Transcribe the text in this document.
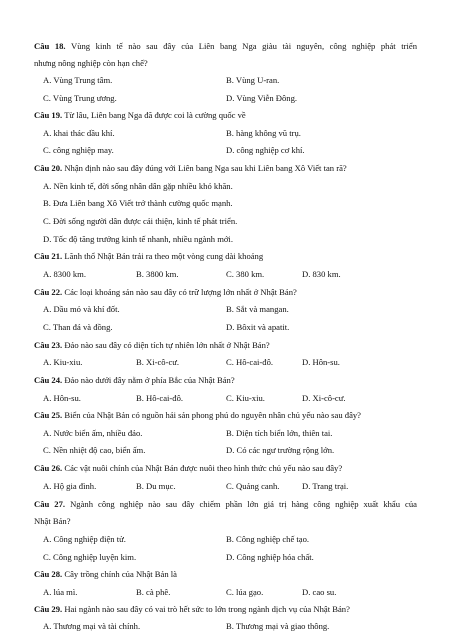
Câu 18. Vùng kinh tế nào sau đây của Liên bang Nga giàu tài nguyên, công nghiệp phát triển
nhưng nông nghiệp còn hạn chế?
A. Vùng Trung tâm.	B. Vùng U-ran.
C. Vùng Trung ương.	D. Vùng Viễn Đông.
Câu 19. Từ lâu, Liên bang Nga đã được coi là cường quốc về
A. khai thác dầu khí.	B. hàng không vũ trụ.
C. công nghiệp may.	D. công nghiệp cơ khí.
Câu 20. Nhận định nào sau đây đúng với Liên bang Nga sau khi Liên bang Xô Viết tan rã?
A. Nền kinh tế, đời sống nhân dân gặp nhiều khó khăn.
B. Đưa Liên bang Xô Viết trở thành cường quốc mạnh.
C. Đời sống người dân được cải thiện, kinh tế phát triển.
D. Tốc độ tăng trưởng kinh tế nhanh, nhiều ngành mới.
Câu 21. Lãnh thổ Nhật Bản trải ra theo một vòng cung dài khoảng
A. 8300 km.	B. 3800 km.	C. 380 km.	D. 830 km.
Câu 22. Các loại khoáng sản nào sau đây có trữ lượng lớn nhất ở Nhật Bản?
A. Dầu mỏ và khí đốt.	B. Sắt và mangan.
C. Than đá và đồng.	D. Bôxit và apatit.
Câu 23. Đảo nào sau đây có diện tích tự nhiên lớn nhất ở Nhật Bản?
A. Kiu-xiu.	B. Xi-cô-cư.	C. Hô-cai-đô.	D. Hôn-su.
Câu 24. Đảo nào dưới đây nằm ở phía Bắc của Nhật Bản?
A. Hôn-su.	B. Hô-cai-đô.	C. Kiu-xiu.	D. Xi-cô-cư.
Câu 25. Biển của Nhật Bản có nguồn hải sản phong phú do nguyên nhân chủ yếu nào sau đây?
A. Nước biển ấm, nhiều đảo.	B. Diện tích biển lớn, thiên tai.
C. Nền nhiệt độ cao, biển ấm.	D. Có các ngư trường rộng lớn.
Câu 26. Các vật nuôi chính của Nhật Bản được nuôi theo hình thức chủ yếu nào sau đây?
A. Hộ gia đình.	B. Du mục.	C. Quảng canh.	D. Trang trại.
Câu 27. Ngành công nghiệp nào sau đây chiếm phần lớn giá trị hàng công nghiệp xuất khẩu của
Nhật Bản?
A. Công nghiệp điện tử.	B. Công nghiệp chế tạo.
C. Công nghiệp luyện kim.	D. Công nghiệp hóa chất.
Câu 28. Cây trồng chính của Nhật Bản là
A. lúa mì.	B. cà phê.	C. lúa gạo.	D. cao su.
Câu 29. Hai ngành nào sau đây có vai trò hết sức to lớn trong ngành dịch vụ của Nhật Bản?
A. Thương mại và tài chính.	B. Thương mại và giao thông.
